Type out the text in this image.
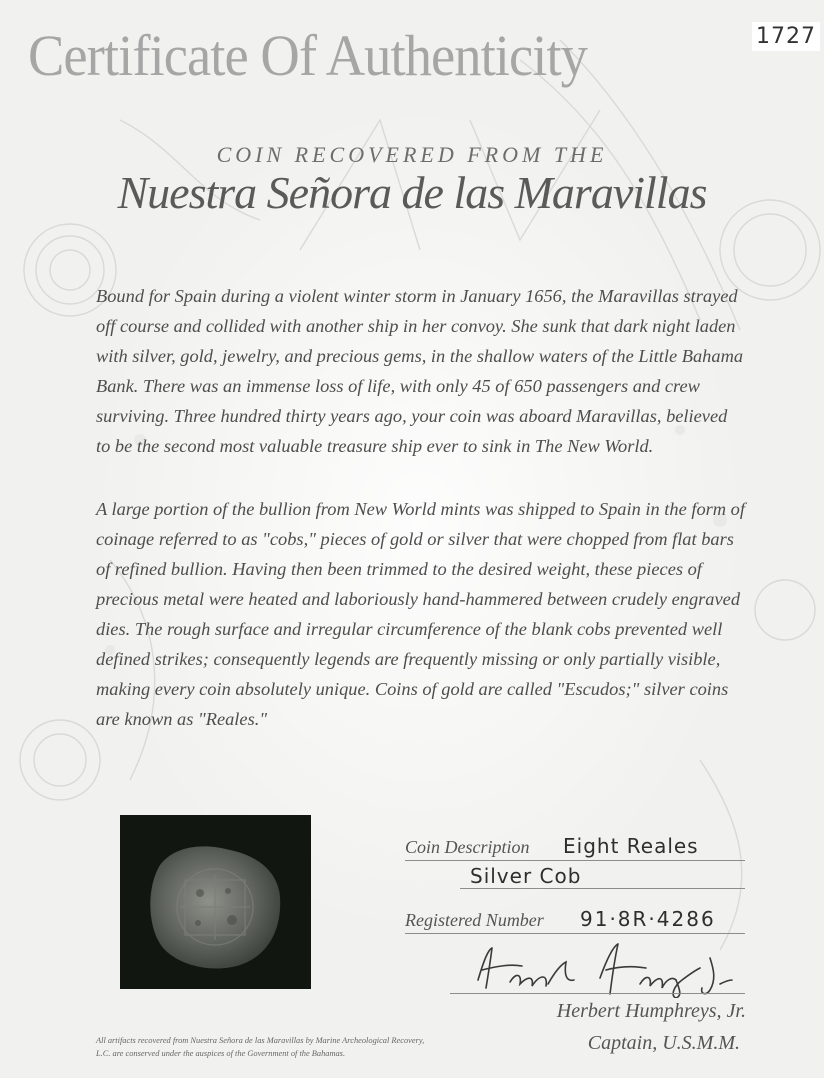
1727
Certificate Of Authenticity
COIN RECOVERED FROM THE
Nuestra Señora de las Maravillas

Bound for Spain during a violent winter storm in January 1656, the Maravillas strayed off course and collided with another ship in her convoy. She sunk that dark night laden with silver, gold, jewelry, and precious gems, in the shallow waters of the Little Bahama Bank. There was an immense loss of life, with only 45 of 650 passengers and crew surviving. Three hundred thirty years ago, your coin was aboard Maravillas, believed to be the second most valuable treasure ship ever to sink in The New World.

A large portion of the bullion from New World mints was shipped to Spain in the form of coinage referred to as "cobs," pieces of gold or silver that were chopped from flat bars of refined bullion. Having then been trimmed to the desired weight, these pieces of precious metal were heated and laboriously hand-hammered between crudely engraved dies. The rough surface and irregular circumference of the blank cobs prevented well defined strikes; consequently legends are frequently missing or only partially visible, making every coin absolutely unique. Coins of gold are called "Escudos;" silver coins are known as "Reales."

Coin Description Eight Reales
Silver Cob
Registered Number 91·8R·4286
Herbert Humphreys, Jr.
Captain, U.S.M.M.

All artifacts recovered from Nuestra Señora de las Maravillas by Marine Archeological Recovery, L.C. are conserved under the auspices of the Government of the Bahamas.
